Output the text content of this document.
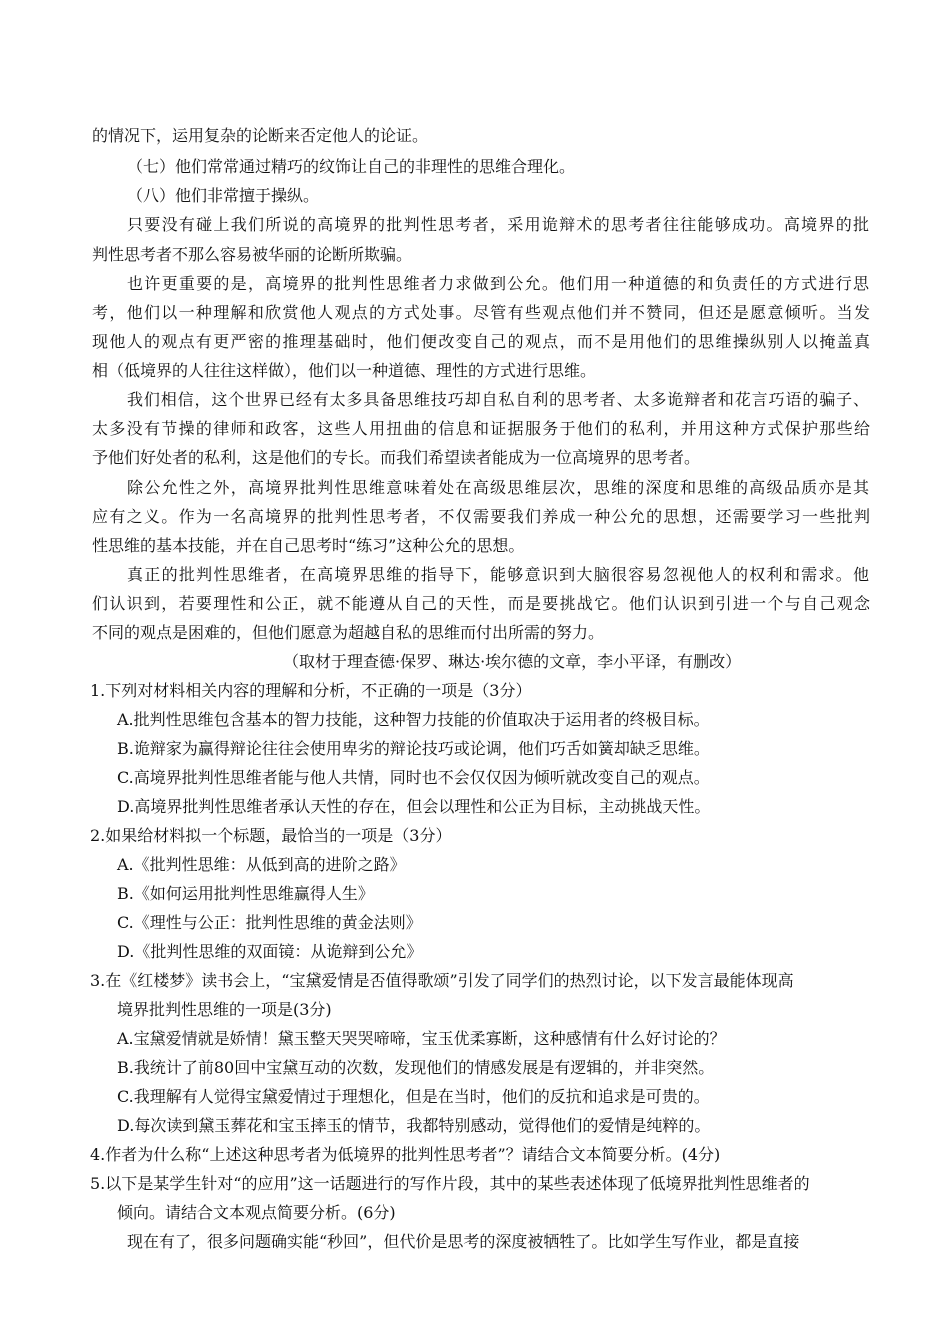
的情况下，运用复杂的论断来否定他人的论证。
（七）他们常常通过精巧的纹饰让自己的非理性的思维合理化。
（八）他们非常擅于操纵。
只要没有碰上我们所说的高境界的批判性思考者，采用诡辩术的思考者往往能够成功。高境界的批
判性思考者不那么容易被华丽的论断所欺骗。
也许更重要的是，高境界的批判性思维者力求做到公允。他们用一种道德的和负责任的方式进行思
考，他们以一种理解和欣赏他人观点的方式处事。尽管有些观点他们并不赞同，但还是愿意倾听。当发
现他人的观点有更严密的推理基础时，他们便改变自己的观点，而不是用他们的思维操纵别人以掩盖真
相（低境界的人往往这样做），他们以一种道德、理性的方式进行思维。
我们相信，这个世界已经有太多具备思维技巧却自私自利的思考者、太多诡辩者和花言巧语的骗子、
太多没有节操的律师和政客，这些人用扭曲的信息和证据服务于他们的私利，并用这种方式保护那些给
予他们好处者的私利，这是他们的专长。而我们希望读者能成为一位高境界的思考者。
除公允性之外，高境界批判性思维意味着处在高级思维层次，思维的深度和思维的高级品质亦是其
应有之义。作为一名高境界的批判性思考者，不仅需要我们养成一种公允的思想，还需要学习一些批判
性思维的基本技能，并在自己思考时“练习”这种公允的思想。
真正的批判性思维者，在高境界思维的指导下，能够意识到大脑很容易忽视他人的权利和需求。他
们认识到，若要理性和公正，就不能遵从自己的天性，而是要挑战它。他们认识到引进一个与自己观念
不同的观点是困难的，但他们愿意为超越自私的思维而付出所需的努力。
（取材于理查德·保罗、琳达·埃尔德的文章，李小平译，有删改）
1.下列对材料相关内容的理解和分析，不正确的一项是（3分）
A.批判性思维包含基本的智力技能，这种智力技能的价值取决于运用者的终极目标。
B.诡辩家为赢得辩论往往会使用卑劣的辩论技巧或论调，他们巧舌如簧却缺乏思维。
C.高境界批判性思维者能与他人共情，同时也不会仅仅因为倾听就改变自己的观点。
D.高境界批判性思维者承认天性的存在，但会以理性和公正为目标，主动挑战天性。
2.如果给材料拟一个标题，最恰当的一项是（3分）
A.《批判性思维：从低到高的进阶之路》
B.《如何运用批判性思维赢得人生》
C.《理性与公正：批判性思维的黄金法则》
D.《批判性思维的双面镜：从诡辩到公允》
3.在《红楼梦》读书会上，“宝黛爱情是否值得歌颂”引发了同学们的热烈讨论，以下发言最能体现高
境界批判性思维的一项是(3分)
A.宝黛爱情就是娇情！黛玉整天哭哭啼啼，宝玉优柔寡断，这种感情有什么好讨论的？
B.我统计了前80回中宝黛互动的次数，发现他们的情感发展是有逻辑的，并非突然。
C.我理解有人觉得宝黛爱情过于理想化，但是在当时，他们的反抗和追求是可贵的。
D.每次读到黛玉葬花和宝玉摔玉的情节，我都特别感动，觉得他们的爱情是纯粹的。
4.作者为什么称“上述这种思考者为低境界的批判性思考者”？请结合文本简要分析。(4分)
5.以下是某学生针对“的应用”这一话题进行的写作片段，其中的某些表述体现了低境界批判性思维者的
倾向。请结合文本观点简要分析。(6分)
现在有了，很多问题确实能“秒回”，但代价是思考的深度被牺牲了。比如学生写作业，都是直接
